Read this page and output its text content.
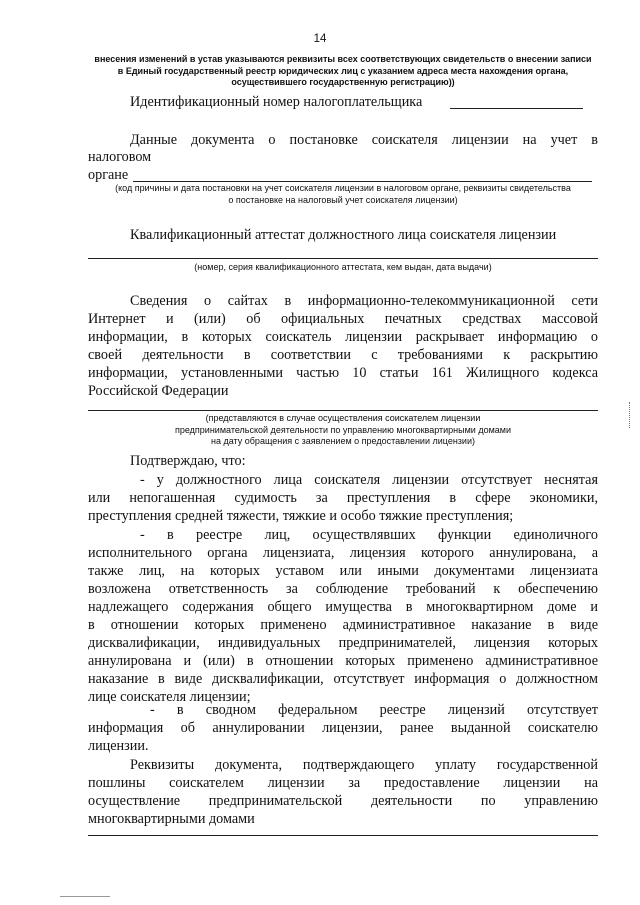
14
внесения изменений в устав указываются реквизиты всех соответствующих свидетельств о внесении записи
в Единый государственный реестр юридических лиц с указанием адреса места нахождения органа,
осуществившего государственную регистрацию))
Идентификационный номер налогоплательщика
Данные документа о постановке соискателя лицензии на учет в
налоговом
органе
(код причины и дата постановки на учет соискателя лицензии в налоговом органе, реквизиты свидетельства
о постановке на налоговый учет соискателя лицензии)
Квалификационный аттестат должностного лица соискателя лицензии
(номер, серия квалификационного аттестата, кем выдан, дата выдачи)

Сведения о сайтах в информационно-телекоммуникационной сети

Интернет и (или) об официальных печатных средствах массовой

информации, в которых соискатель лицензии раскрывает информацию о

своей деятельности в соответствии с требованиями к раскрытию

информации, установленными частью 10 статьи 161 Жилищного кодекса

Российской Федерации

(представляются в случае осуществления соискателем лицензии
предпринимательской деятельности по управлению многоквартирными домами
на дату обращения с заявлением о предоставлении лицензии)
Подтверждаю, что:

- у должностного лица соискателя лицензии отсутствует неснятая

или непогашенная судимость за преступления в сфере экономики,

преступления средней тяжести, тяжкие и особо тяжкие преступления;

- в реестре лиц, осуществлявших функции единоличного

исполнительного органа лицензиата, лицензия которого аннулирована, а

также лиц, на которых уставом или иными документами лицензиата

возложена ответственность за соблюдение требований к обеспечению

надлежащего содержания общего имущества в многоквартирном доме и

в отношении которых применено административное наказание в виде

дисквалификации, индивидуальных предпринимателей, лицензия которых

аннулирована и (или) в отношении которых применено административное

наказание в виде дисквалификации, отсутствует информация о должностном

лице соискателя лицензии;

- в сводном федеральном реестре лицензий отсутствует

информация об аннулировании лицензии, ранее выданной соискателю

лицензии.

Реквизиты документа, подтверждающего уплату государственной

пошлины соискателем лицензии за предоставление лицензии на

осуществление предпринимательской деятельности по управлению

многоквартирными домами
